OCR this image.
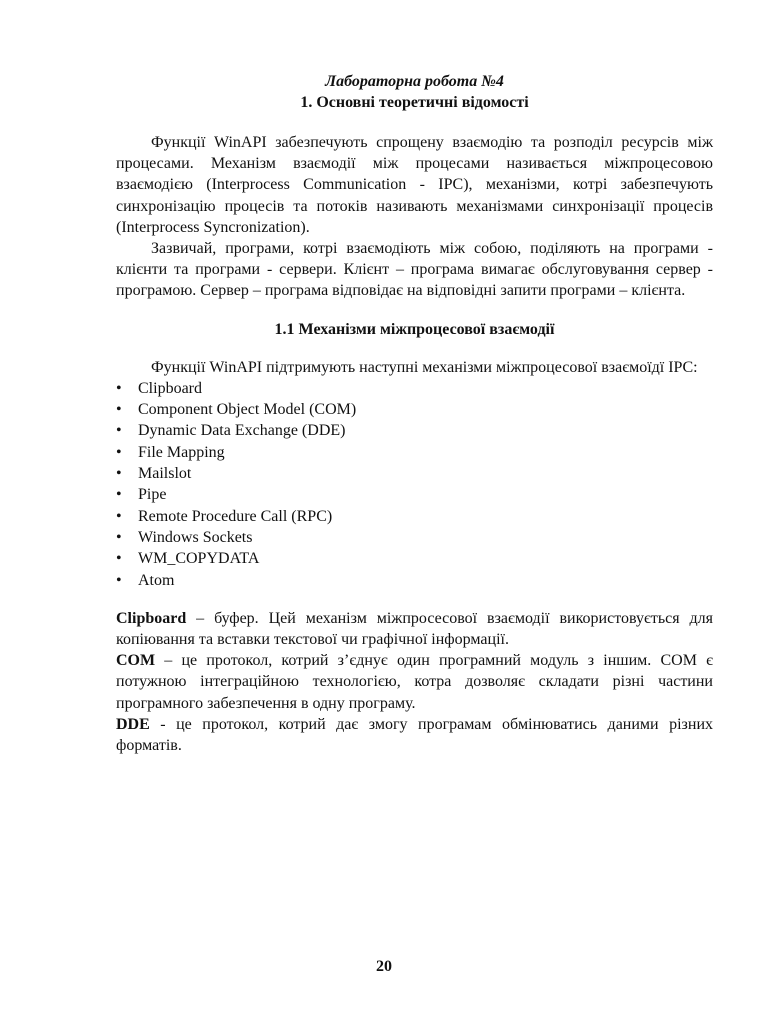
Лабораторна робота №4
1. Основні теоретичні відомості

Функції WinAPI забезпечують спрощену взаємодію та розподіл ресурсів між процесами. Механізм взаємодії між процесами називається міжпроцесовою взаємодією (Interprocess Communication - IPC), механізми, котрі забезпечують синхронізацію процесів та потоків називають механізмами синхронізації процесів (Interprocess Syncronization).

Зазвичай, програми, котрі взаємодіють між собою, поділяють на програми - клієнти та програми - сервери. Клієнт – програма вимагає обслуговування сервер - програмою. Сервер – програма відповідає на відповідні запити програми – клієнта.

1.1 Механізми міжпроцесової взаємодії

Функції WinAPI підтримують наступні механізми міжпроцесової взаємоїдї IPC:

• Clipboard
• Component Object Model (COM)
• Dynamic Data Exchange (DDE)
• File Mapping
• Mailslot
• Pipe
• Remote Procedure Call (RPC)
• Windows Sockets
• WM_COPYDATA
• Atom

Clipboard – буфер. Цей механізм міжпросесової взаємодії використовується для копіювання та вставки текстової чи графічної інформації.

COM – це протокол, котрий з’єднує один програмний модуль з іншим. COM є потужною інтеграційною технологією, котра дозволяє складати різні частини програмного забезпечення в одну програму.

DDE - це протокол, котрий дає змогу програмам обмінюватись даними різних форматів.

20
